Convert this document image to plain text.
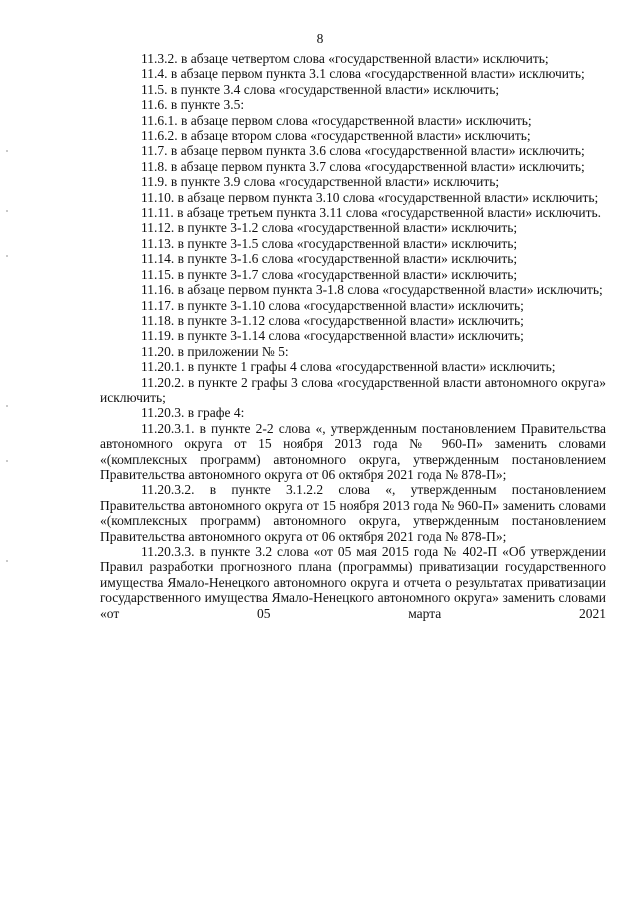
8

11.3.2. в абзаце четвертом слова «государственной власти» исключить;

11.4. в абзаце первом пункта 3.1 слова «государственной власти» исключить;

11.5. в пункте 3.4 слова «государственной власти» исключить;

11.6. в пункте 3.5:

11.6.1. в абзаце первом слова «государственной власти» исключить;

11.6.2. в абзаце втором слова «государственной власти» исключить;

11.7. в абзаце первом пункта 3.6 слова «государственной власти» исключить;

11.8. в абзаце первом пункта 3.7 слова «государственной власти» исключить;

11.9. в пункте 3.9 слова «государственной власти» исключить;

11.10. в абзаце первом пункта 3.10 слова «государственной власти» исключить;

11.11. в абзаце третьем пункта 3.11 слова «государственной власти» исключить.

11.12. в пункте 3-1.2 слова «государственной власти» исключить;

11.13. в пункте 3-1.5 слова «государственной власти» исключить;

11.14. в пункте 3-1.6 слова «государственной власти» исключить;

11.15. в пункте 3-1.7 слова «государственной власти» исключить;

11.16. в абзаце первом пункта 3-1.8 слова «государственной власти» исключить;

11.17. в пункте 3-1.10 слова «государственной власти» исключить;

11.18. в пункте 3-1.12 слова «государственной власти» исключить;

11.19. в пункте 3-1.14 слова «государственной власти» исключить;

11.20. в приложении № 5:

11.20.1. в пункте 1 графы 4 слова «государственной власти» исключить;

11.20.2. в пункте 2 графы 3 слова «государственной власти автономного округа» исключить;

11.20.3. в графе 4:

11.20.3.1. в пункте 2-2 слова «, утвержденным постановлением Правительства автономного округа от 15 ноября 2013 года № 960-П» заменить словами «(комплексных программ) автономного округа, утвержденным постановлением Правительства автономного округа от 06 октября 2021 года № 878-П»;

11.20.3.2. в пункте 3.1.2.2 слова «, утвержденным постановлением Правительства автономного округа от 15 ноября 2013 года № 960-П» заменить словами «(комплексных программ) автономного округа, утвержденным постановлением Правительства автономного округа от 06 октября 2021 года № 878-П»;

11.20.3.3. в пункте 3.2 слова «от 05 мая 2015 года № 402-П «Об утверждении Правил разработки прогнозного плана (программы) приватизации государственного имущества Ямало-Ненецкого автономного округа и отчета о результатах приватизации государственного имущества Ямало-Ненецкого автономного округа» заменить словами «от 05 марта 2021
